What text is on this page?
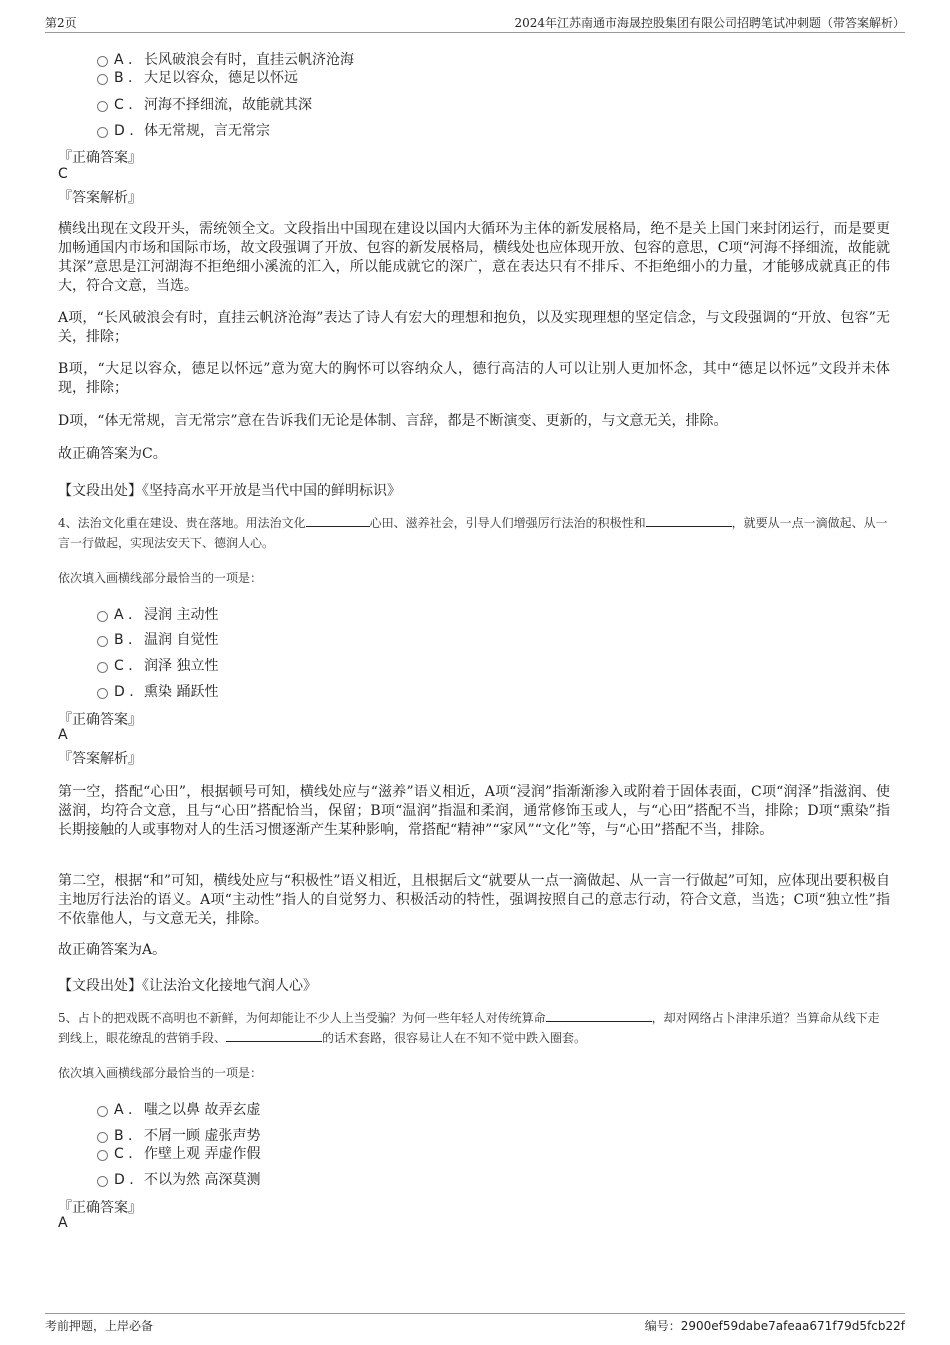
第2页	2024年江苏南通市海晟控股集团有限公司招聘笔试冲刺题（带答案解析）
A . 长风破浪会有时，直挂云帆济沧海
B . 大足以容众，德足以怀远
C . 河海不择细流，故能就其深
D . 体无常规，言无常宗
『正确答案』
C
『答案解析』
横线出现在文段开头，需统领全文。文段指出中国现在建设以国内大循环为主体的新发展格局，绝不是关上国门来封闭运行，而是要更加畅通国内市场和国际市场，故文段强调了开放、包容的新发展格局，横线处也应体现开放、包容的意思，C项“河海不择细流，故能就其深”意思是江河湖海不拒绝细小溪流的汇入，所以能成就它的深广，意在表达只有不排斥、不拒绝细小的力量，才能够成就真正的伟大，符合文意，当选。
A项，“长风破浪会有时，直挂云帆济沧海”表达了诗人有宏大的理想和抱负，以及实现理想的坚定信念，与文段强调的“开放、包容”无关，排除；
B项，“大足以容众，德足以怀远”意为宽大的胸怀可以容纳众人，德行高洁的人可以让别人更加怀念，其中“德足以怀远”文段并未体现，排除；
D项，“体无常规，言无常宗”意在告诉我们无论是体制、言辞，都是不断演变、更新的，与文意无关，排除。
故正确答案为C。
【文段出处】《坚持高水平开放是当代中国的鲜明标识》
4、法治文化重在建设、贵在落地。用法治文化	心田、滋养社会，引导人们增强厉行法治的积极性和	，就要从一点一滴做起、从一言一行做起，实现法安天下、德润人心。
依次填入画横线部分最恰当的一项是：
A . 浸润 主动性
B . 温润 自觉性
C . 润泽 独立性
D . 熏染 踊跃性
『正确答案』
A
『答案解析』
第一空，搭配“心田”，根据顿号可知，横线处应与“滋养”语义相近，A项“浸润”指渐渐渗入或附着于固体表面，C项“润泽”指滋润、使滋润，均符合文意，且与“心田”搭配恰当，保留；B项“温润”指温和柔润，通常修饰玉或人，与“心田”搭配不当，排除；D项“熏染”指长期接触的人或事物对人的生活习惯逐渐产生某种影响，常搭配“精神”“家风”“文化”等，与“心田”搭配不当，排除。
第二空，根据“和”可知，横线处应与“积极性”语义相近，且根据后文“就要从一点一滴做起、从一言一行做起”可知，应体现出要积极自主地厉行法治的语义。A项“主动性”指人的自觉努力、积极活动的特性，强调按照自己的意志行动，符合文意，当选；C项“独立性”指不依靠他人，与文意无关，排除。
故正确答案为A。
【文段出处】《让法治文化接地气润人心》
5、占卜的把戏既不高明也不新鲜，为何却能让不少人上当受骗？为何一些年轻人对传统算命	，却对网络占卜津津乐道？当算命从线下走到线上，眼花缭乱的营销手段、	的话术套路，很容易让人在不知不觉中跌入圈套。
依次填入画横线部分最恰当的一项是：
A . 嗤之以鼻 故弄玄虚
B . 不屑一顾 虚张声势
C . 作壁上观 弄虚作假
D . 不以为然 高深莫测
『正确答案』
A
考前押题，上岸必备	编号：2900ef59dabe7afeaa671f79d5fcb22f
